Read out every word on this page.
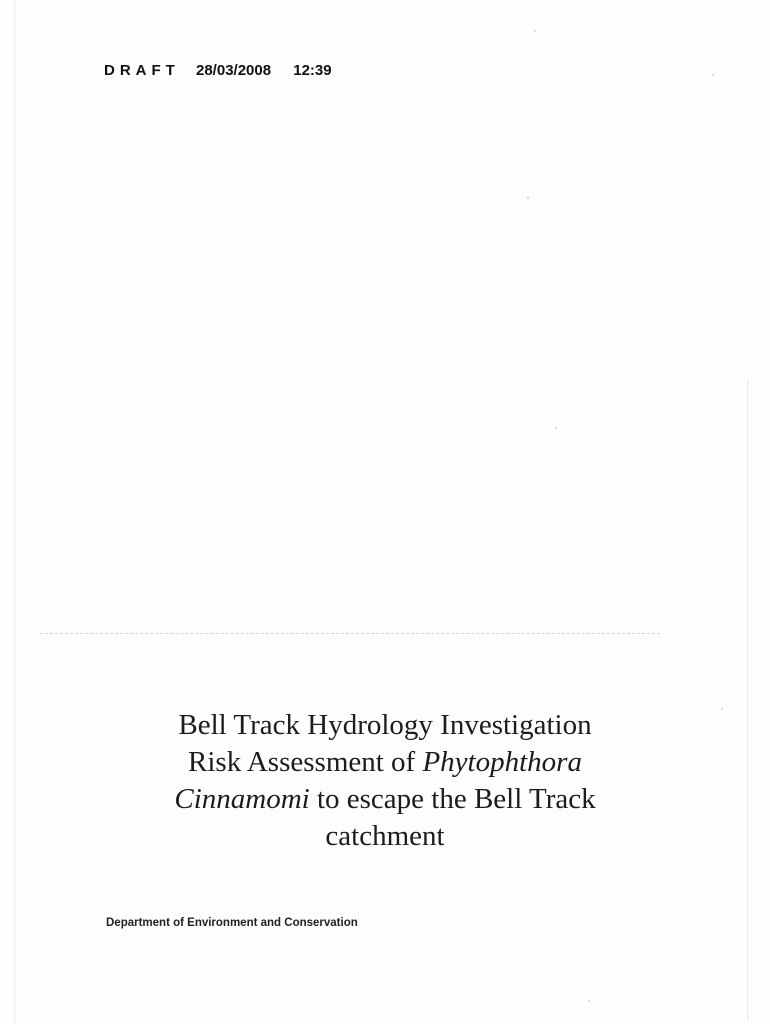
DRAFT 28/03/2008 12:39
Bell Track Hydrology Investigation
Risk Assessment of Phytophthora
Cinnamomi to escape the Bell Track
catchment
Department of Environment and Conservation
